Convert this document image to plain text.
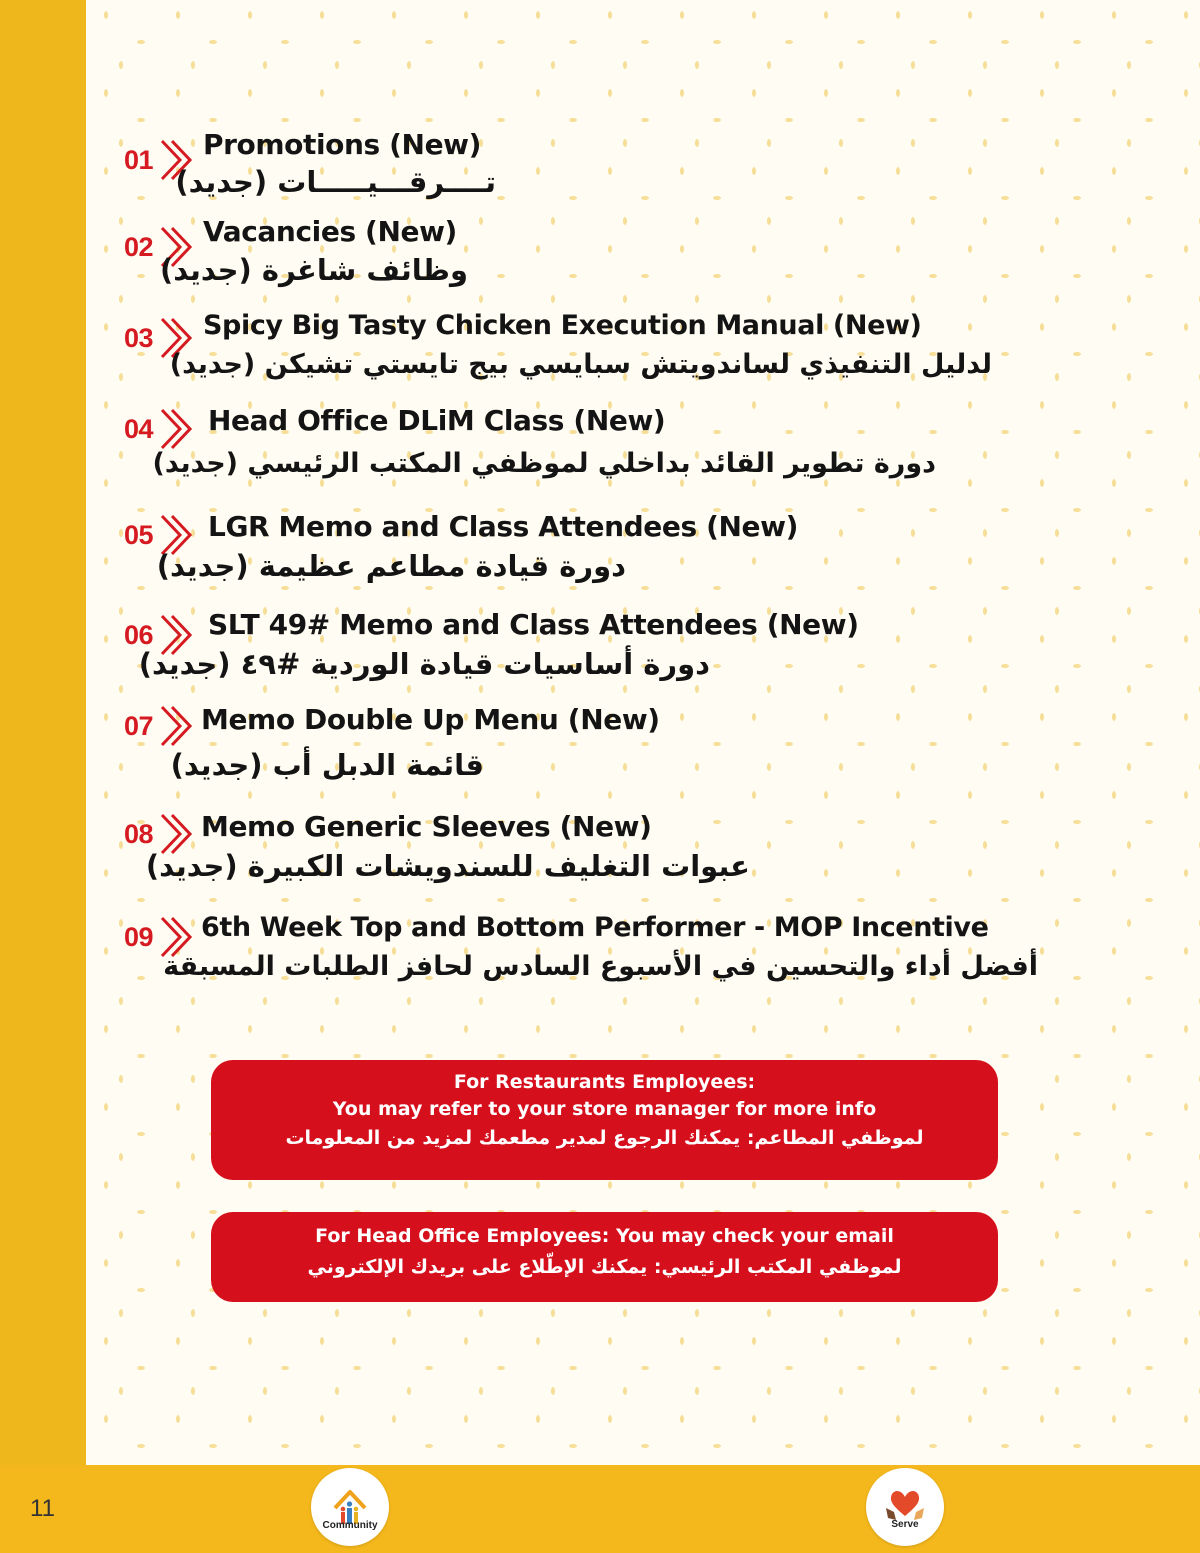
01	Promotions (New)
تــــرقـــيـــــات (جديد)
02	Vacancies (New)
وظائف شاغرة (جديد)
03	Spicy Big Tasty Chicken Execution Manual (New)
لدليل التنفيذي لساندويتش سبايسي بيج تايستي تشيكن (جديد)
04	Head Office DLiM Class (New)
دورة تطوير القائد بداخلي لموظفي المكتب الرئيسي (جديد)
05	LGR Memo and Class Attendees (New)
دورة قيادة مطاعم عظيمة (جديد)
06	SLT 49# Memo and Class Attendees (New)
دورة أساسيات قيادة الوردية #٤٩ (جديد)
07	Memo Double Up Menu (New)
قائمة الدبل أب (جديد)
08	Memo Generic Sleeves (New)
عبوات التغليف للسندويشات الكبيرة (جديد)
09	6th Week Top and Bottom Performer - MOP Incentive
أفضل أداء والتحسين في الأسبوع السادس لحافز الطلبات المسبقة
For Restaurants Employees:
You may refer to your store manager for more info
لموظفي المطاعم: يمكنك الرجوع لمدير مطعمك لمزيد من المعلومات
For Head Office Employees: You may check your email
لموظفي المكتب الرئيسي: يمكنك الإطّلاع على بريدك الإلكتروني
11
Community	Serve
